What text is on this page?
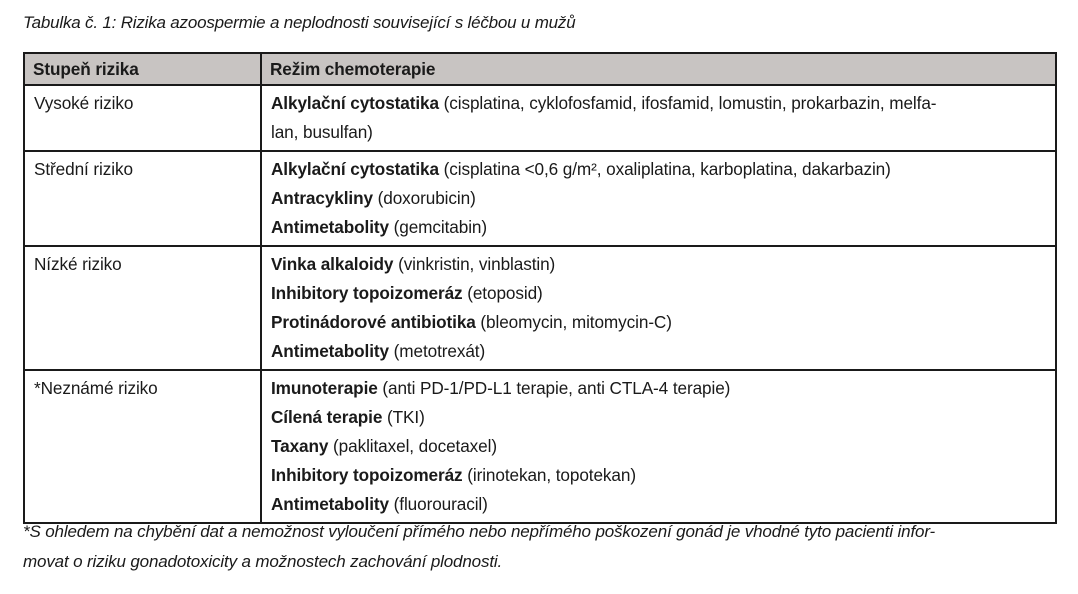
Tabulka č. 1: Rizika azoospermie a neplodnosti související s léčbou u mužů
Stupeň rizika	Režim chemoterapie
Vysoké riziko	Alkylační cytostatika (cisplatina, cyklofosfamid, ifosfamid, lomustin, prokarbazin, melfa-
lan, busulfan)

Střední riziko	Alkylační cytostatika (cisplatina <0,6 g/m², oxaliplatina, karboplatina, dakarbazin)
Antracykliny (doxorubicin)
Antimetabolity (gemcitabin)

Nízké riziko	Vinka alkaloidy (vinkristin, vinblastin)
Inhibitory topoizomeráz (etoposid)
Protinádorové antibiotika (bleomycin, mitomycin-C)
Antimetabolity (metotrexát)

*Neznámé riziko	Imunoterapie (anti PD-1/PD-L1 terapie, anti CTLA-4 terapie)
Cílená terapie (TKI)
Taxany (paklitaxel, docetaxel)
Inhibitory topoizomeráz (irinotekan, topotekan)
Antimetabolity (fluorouracil)
*S ohledem na chybění dat a nemožnost vyloučení přímého nebo nepřímého poškození gonád je vhodné tyto pacienti infor-
movat o riziku gonadotoxicity a možnostech zachování plodnosti.
